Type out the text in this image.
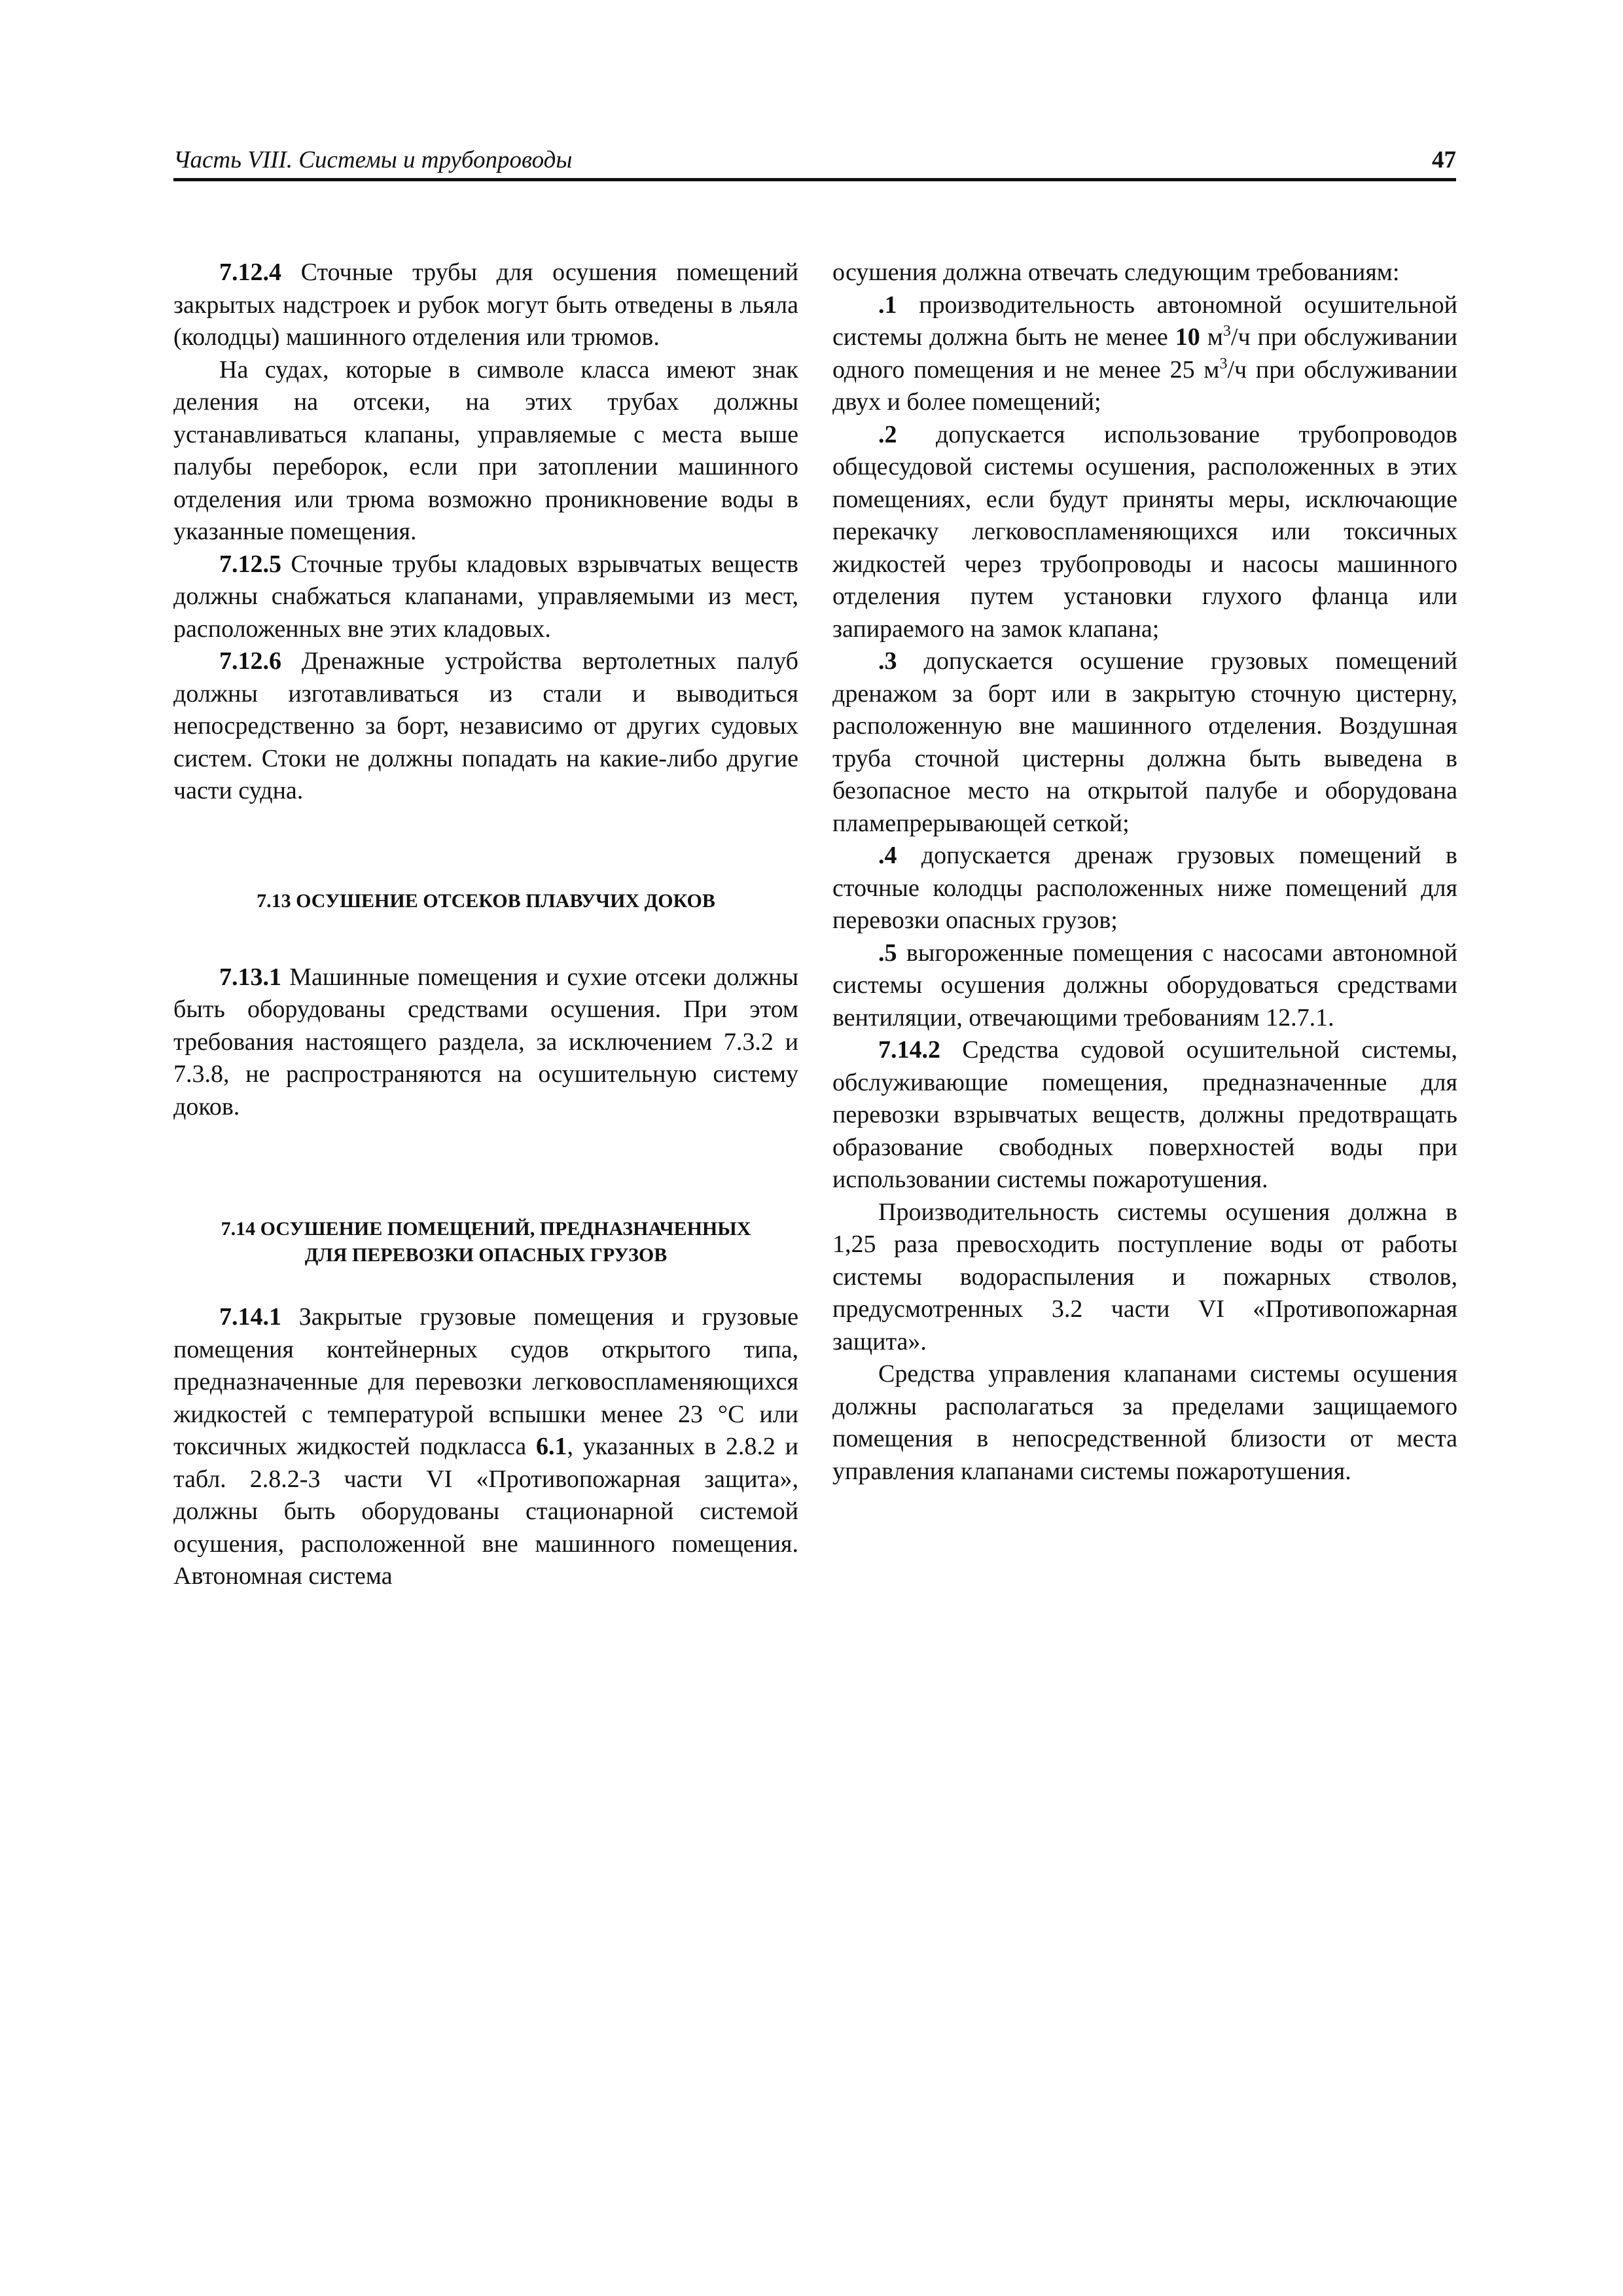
Часть VIII. Системы и трубопроводы	47

7.12.4 Сточные трубы для осушения помещений закрытых надстроек и рубок могут быть отведены в льяла (колодцы) машинного отделения или трюмов.

На судах, которые в символе класса имеют знак деления на отсеки, на этих трубах должны устанавливаться клапаны, управляемые с места выше палубы переборок, если при затоплении машинного отделения или трюма возможно проникновение воды в указанные помещения.

7.12.5 Сточные трубы кладовых взрывчатых веществ должны снабжаться клапанами, управляемыми из мест, расположенных вне этих кладовых.

7.12.6 Дренажные устройства вертолетных палуб должны изготавливаться из стали и выводиться непосредственно за борт, независимо от других судовых систем. Стоки не должны попадать на какие-либо другие части судна.

7.13 ОСУШЕНИЕ ОТСЕКОВ ПЛАВУЧИХ ДОКОВ

7.13.1 Машинные помещения и сухие отсеки должны быть оборудованы средствами осушения. При этом требования настоящего раздела, за исключением 7.3.2 и 7.3.8, не распространяются на осушительную систему доков.

7.14 ОСУШЕНИЕ ПОМЕЩЕНИЙ, ПРЕДНАЗНАЧЕННЫХ
ДЛЯ ПЕРЕВОЗКИ ОПАСНЫХ ГРУЗОВ

7.14.1 Закрытые грузовые помещения и грузовые помещения контейнерных судов открытого типа, предназначенные для перевозки легковоспламеняющихся жидкостей с температурой вспышки менее 23 °C или токсичных жидкостей подкласса 6.1, указанных в 2.8.2 и табл. 2.8.2-3 части VI «Противопожарная защита», должны быть оборудованы стационарной системой осушения, расположенной вне машинного помещения. Автономная система

осушения должна отвечать следующим требованиям:

.1 производительность автономной осушительной системы должна быть не менее 10 $м^3/ч$ при обслуживании одного помещения и не менее 25 $м^3/ч$ при обслуживании двух и более помещений;

.2 допускается использование трубопроводов общесудовой системы осушения, расположенных в этих помещениях, если будут приняты меры, исключающие перекачку легковоспламеняющихся или токсичных жидкостей через трубопроводы и насосы машинного отделения путем установки глухого фланца или запираемого на замок клапана;

.3 допускается осушение грузовых помещений дренажом за борт или в закрытую сточную цистерну, расположенную вне машинного отделения. Воздушная труба сточной цистерны должна быть выведена в безопасное место на открытой палубе и оборудована пламепрерывающей сеткой;

.4 допускается дренаж грузовых помещений в сточные колодцы расположенных ниже помещений для перевозки опасных грузов;

.5 выгороженные помещения с насосами автономной системы осушения должны оборудоваться средствами вентиляции, отвечающими требованиям 12.7.1.

7.14.2 Средства судовой осушительной системы, обслуживающие помещения, предназначенные для перевозки взрывчатых веществ, должны предотвращать образование свободных поверхностей воды при использовании системы пожаротушения.

Производительность системы осушения должна в 1,25 раза превосходить поступление воды от работы системы водораспыления и пожарных стволов, предусмотренных 3.2 части VI «Противопожарная защита».

Средства управления клапанами системы осушения должны располагаться за пределами защищаемого помещения в непосредственной близости от места управления клапанами системы пожаротушения.
